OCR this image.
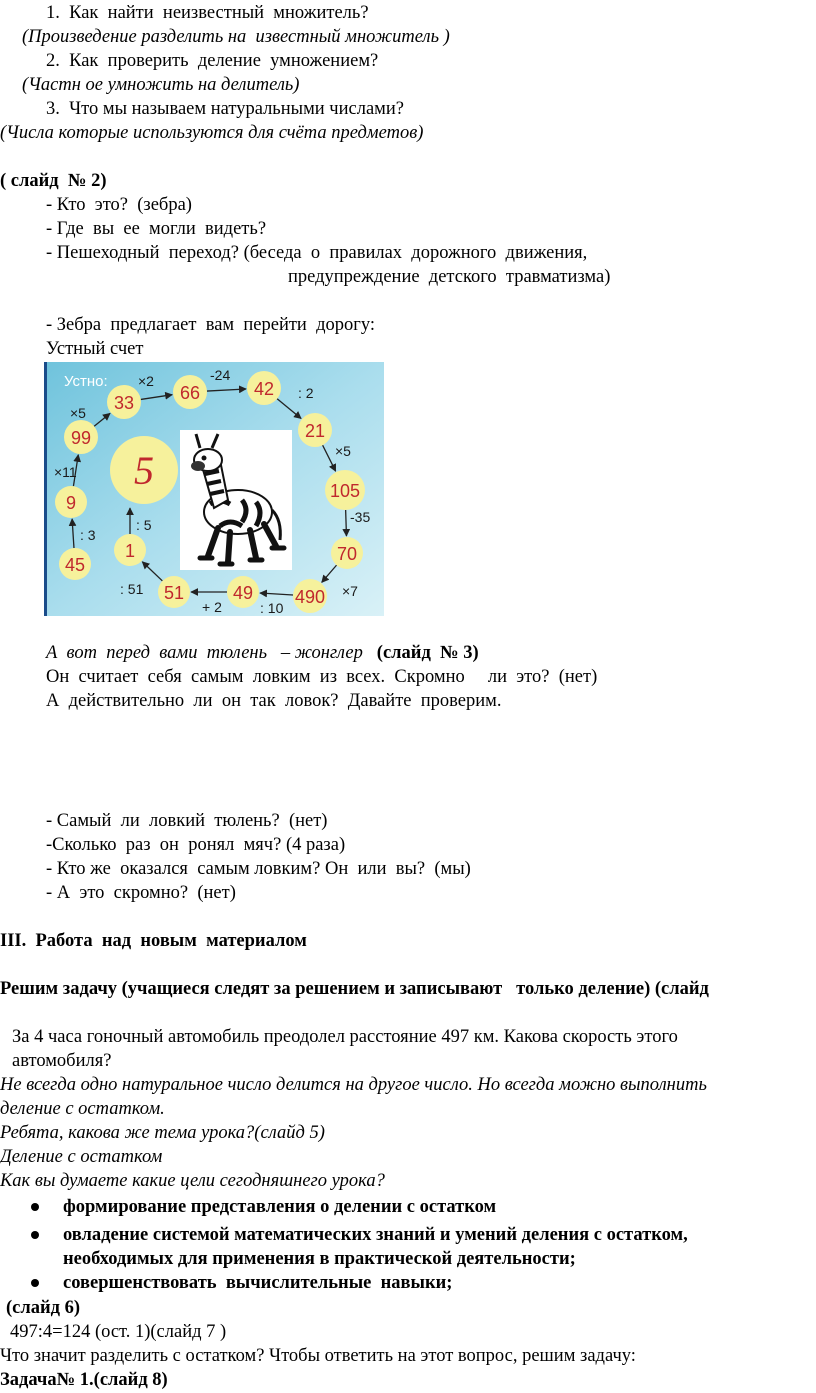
1. Как  найти  неизвестный  множитель?
(Произведение разделить на  известный множитель )
2. Как  проверить  деление  умножением?
(Частн ое умножить на делитель)
3. Что мы называем натуральными числами?
(Числа которые используются для счёта предметов)
( слайд  № 2)
- Кто  это?  (зебра)
- Где  вы  ее  могли  видеть?
- Пешеходный  переход? (беседа  о  правилах  дорожного  движения,
предупреждение  детского  травматизма)
- Зебра  предлагает  вам  перейти  дорогу:
Устный счет
Устно:
5
33	66	42
21
105
70
490
49
51
1
45
9
99
×2	-24
: 2
×5
-35
×7
: 10
+ 2
: 51
: 5
×11
: 3
×5
А  вот  перед  вами  тюлень   – жонглер (слайд  № 3)
Он  считает  себя  самым  ловким  из  всех.  Скромно     ли  это?  (нет)
А  действительно  ли  он  так  ловок?  Давайте  проверим.
- Самый  ли  ловкий  тюлень?  (нет)
-Сколько  раз  он  ронял  мяч? (4 раза)
- Кто же  оказался  самым ловким? Он  или  вы?  (мы)
- А  это  скромно?  (нет)
III.  Работа  над  новым  материалом
Решим задачу (учащиеся следят за решением и записывают   только деление) (слайд
За 4 часа гоночный автомобиль преодолел расстояние 497 км. Какова скорость этого
автомобиля?
Не всегда одно натуральное число делится на другое число. Но всегда можно выполнить
деление с остатком.
Ребята, какова же тема урока?(слайд 5)
Деление с остатком
Как вы думаете какие цели сегодняшнего урока?
формирование представления о делении с остатком
овладение системой математических знаний и умений деления с остатком,
необходимых для применения в практической деятельности;
совершенствовать  вычислительные  навыки;
(слайд 6)
497:4=124 (ост. 1)(слайд 7 )
Что значит разделить с остатком? Чтобы ответить на этот вопрос, решим задачу:
Задача№ 1.(слайд 8)
